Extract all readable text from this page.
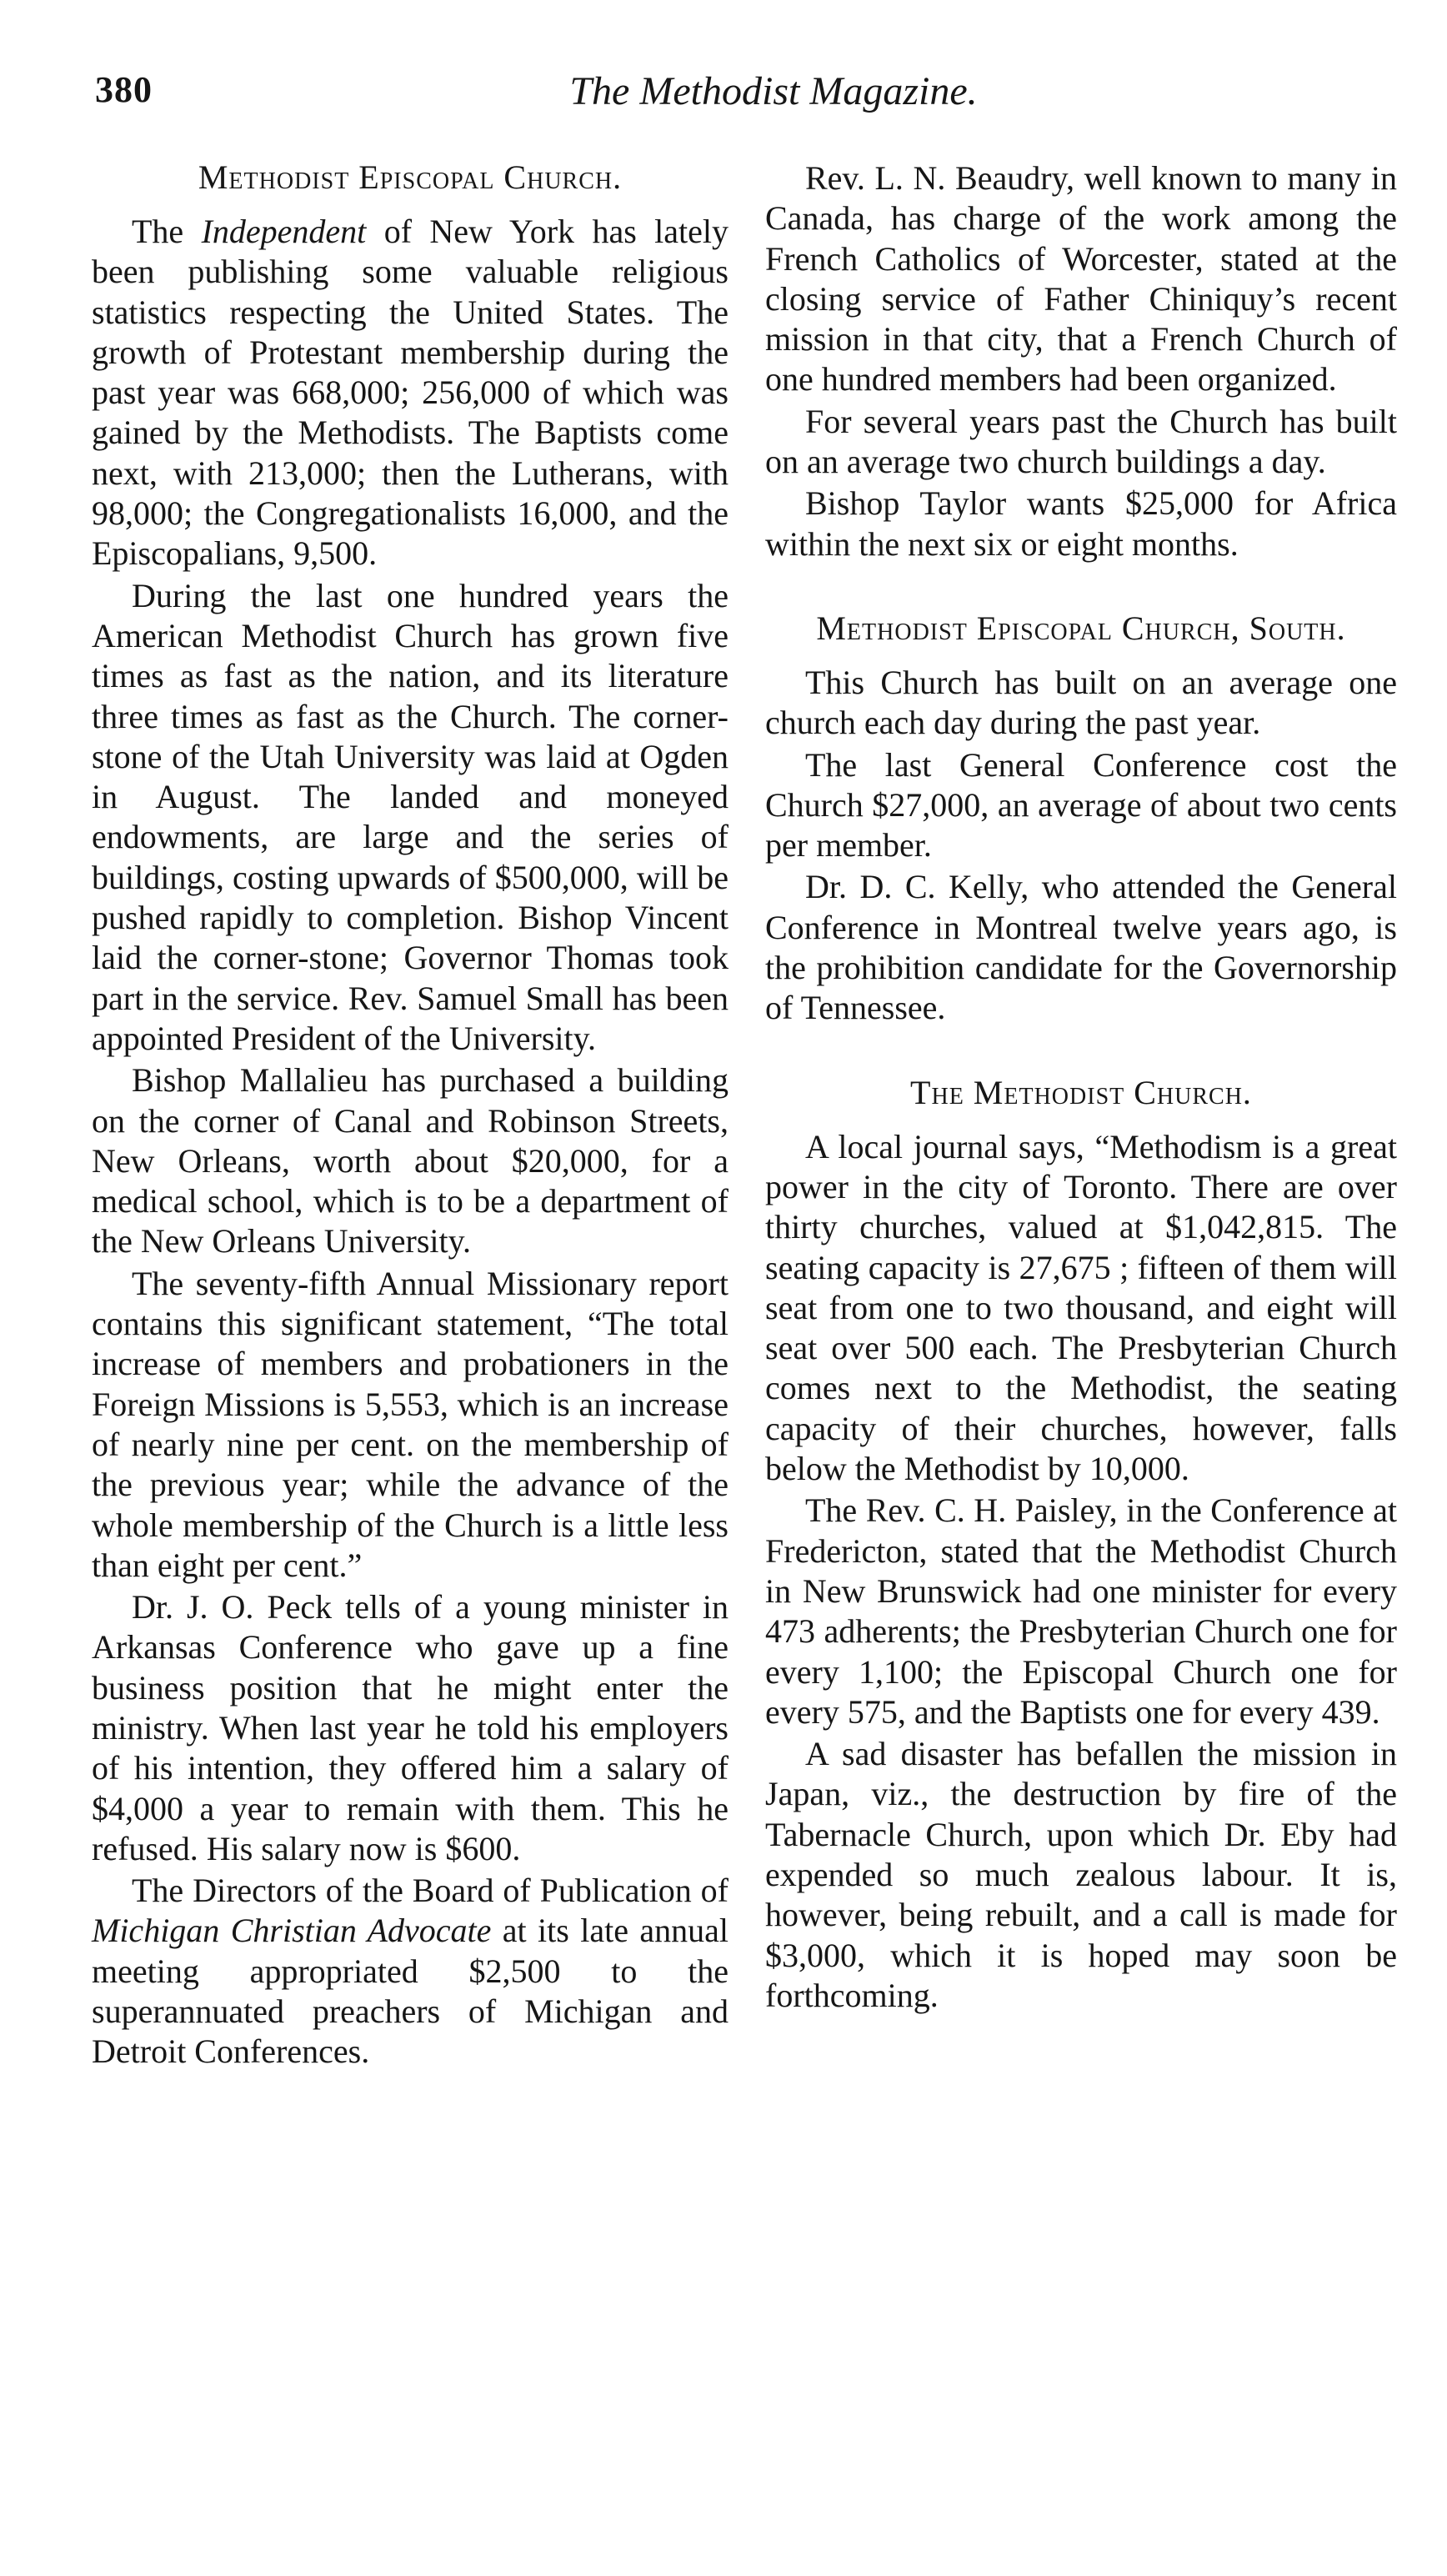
380	The Methodist Magazine.
Methodist Episcopal Church.

The Independent of New York has lately been publishing some valuable religious statistics respecting the United States. The growth of Protestant membership during the past year was 668,000; 256,000 of which was gained by the Methodists. The Baptists come next, with 213,000; then the Lutherans, with 98,000; the Congregationalists 16,000, and the Episcopalians, 9,500.

During the last one hundred years the American Methodist Church has grown five times as fast as the nation, and its literature three times as fast as the Church. The corner-stone of the Utah University was laid at Ogden in August. The landed and moneyed endowments, are large and the series of buildings, costing upwards of $500,000, will be pushed rapidly to completion. Bishop Vincent laid the corner-stone; Governor Thomas took part in the service. Rev. Samuel Small has been appointed President of the University.

Bishop Mallalieu has purchased a building on the corner of Canal and Robinson Streets, New Orleans, worth about $20,000, for a medical school, which is to be a department of the New Orleans University.

The seventy-fifth Annual Missionary report contains this significant statement, “The total increase of members and probationers in the Foreign Missions is 5,553, which is an increase of nearly nine per cent. on the membership of the previous year; while the advance of the whole membership of the Church is a little less than eight per cent.”

Dr. J. O. Peck tells of a young minister in Arkansas Conference who gave up a fine business position that he might enter the ministry. When last year he told his employers of his intention, they offered him a salary of $4,000 a year to remain with them. This he refused. His salary now is $600.

The Directors of the Board of Publication of Michigan Christian Advocate at its late annual meeting appropriated $2,500 to the superannuated preachers of Michigan and Detroit Conferences.

Rev. L. N. Beaudry, well known to many in Canada, has charge of the work among the French Catholics of Worcester, stated at the closing service of Father Chiniquy’s recent mission in that city, that a French Church of one hundred members had been organized.

For several years past the Church has built on an average two church buildings a day.

Bishop Taylor wants $25,000 for Africa within the next six or eight months.

Methodist Episcopal Church, South.

This Church has built on an average one church each day during the past year.

The last General Conference cost the Church $27,000, an average of about two cents per member.

Dr. D. C. Kelly, who attended the General Conference in Montreal twelve years ago, is the prohibition candidate for the Governorship of Tennessee.

The Methodist Church.

A local journal says, “Methodism is a great power in the city of Toronto. There are over thirty churches, valued at $1,042,815. The seating capacity is 27,675 ; fifteen of them will seat from one to two thousand, and eight will seat over 500 each. The Presbyterian Church comes next to the Methodist, the seating capacity of their churches, however, falls below the Methodist by 10,000.

The Rev. C. H. Paisley, in the Conference at Fredericton, stated that the Methodist Church in New Brunswick had one minister for every 473 adherents; the Presbyterian Church one for every 1,100; the Episcopal Church one for every 575, and the Baptists one for every 439.

A sad disaster has befallen the mission in Japan, viz., the destruction by fire of the Tabernacle Church, upon which Dr. Eby had expended so much zealous labour. It is, however, being rebuilt, and a call is made for $3,000, which it is hoped may soon be forthcoming.
